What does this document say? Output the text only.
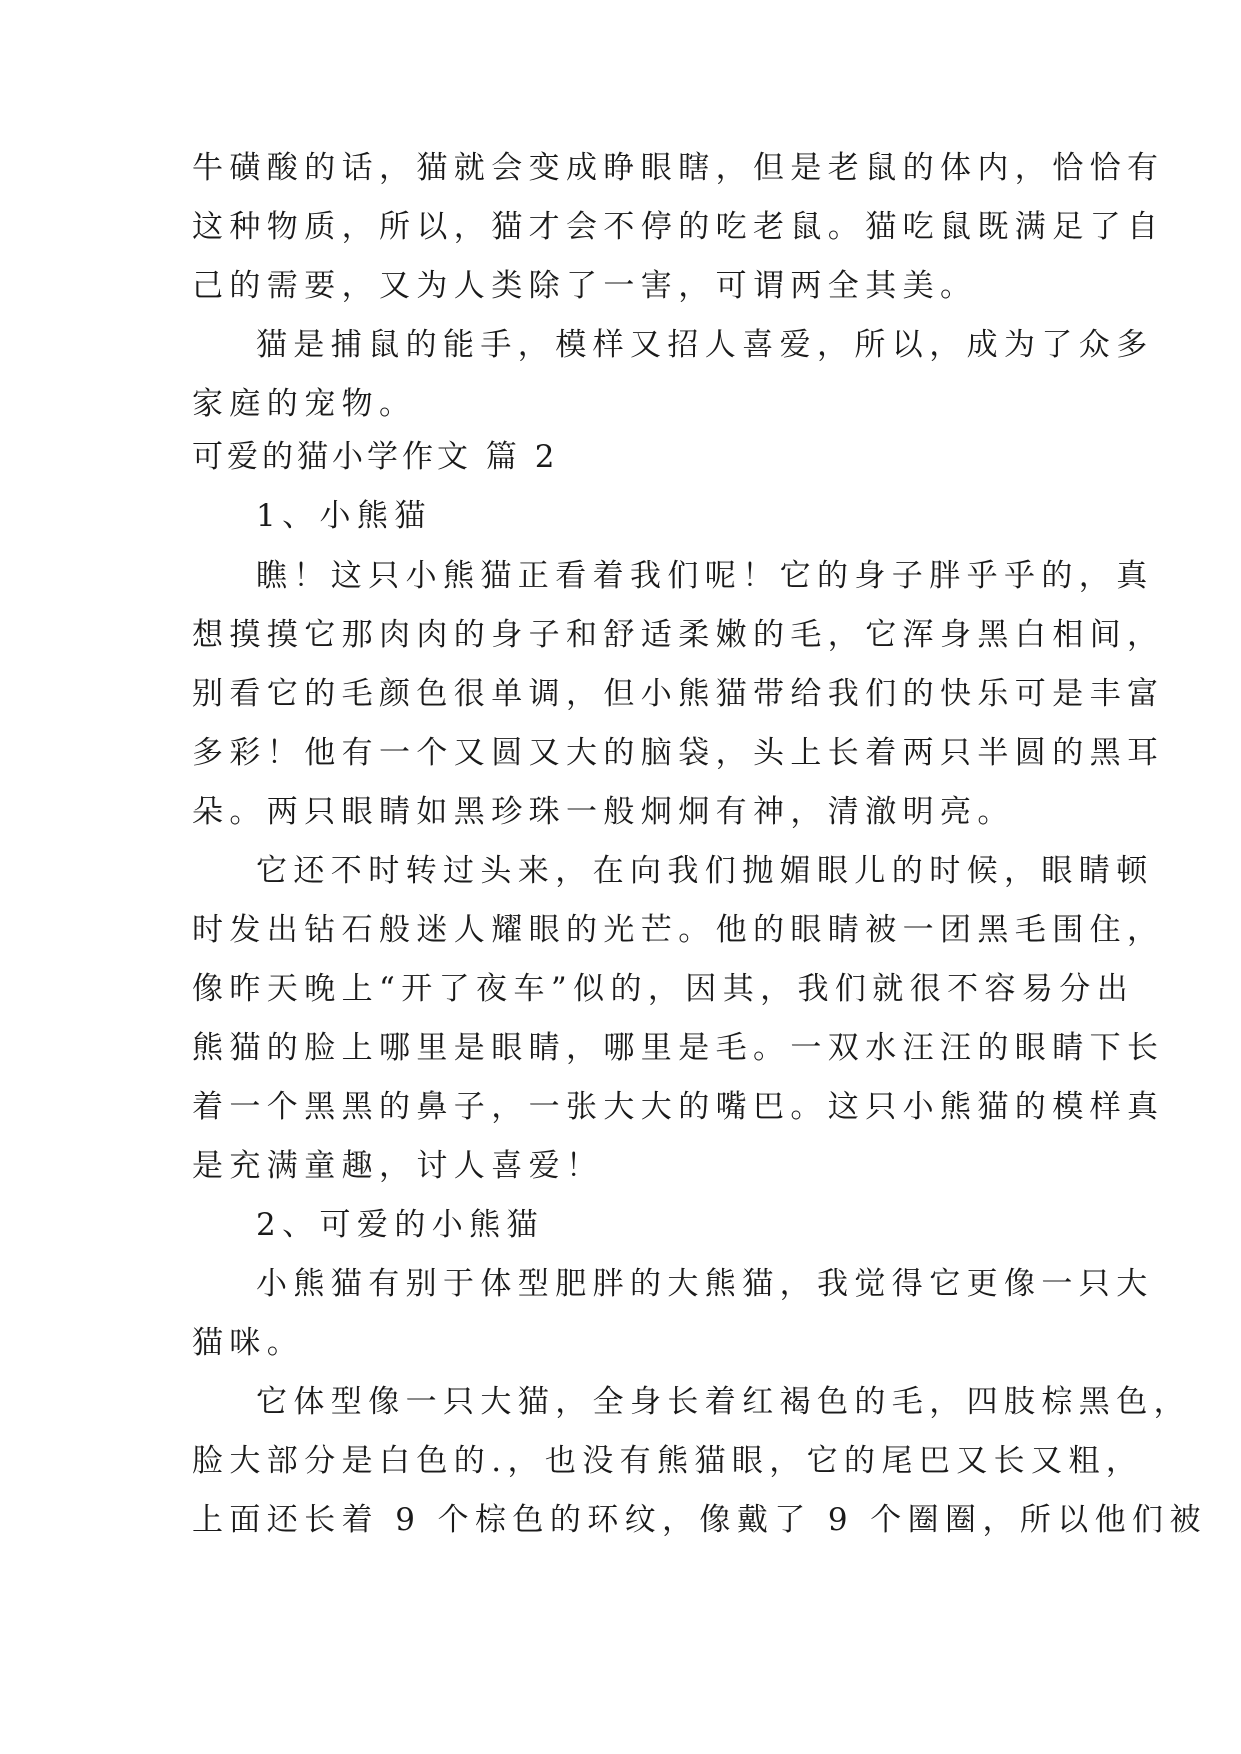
牛磺酸的话，猫就会变成睁眼瞎，但是老鼠的体内，恰恰有
这种物质，所以，猫才会不停的吃老鼠。猫吃鼠既满足了自
己的需要，又为人类除了一害，可谓两全其美。
猫是捕鼠的能手，模样又招人喜爱，所以，成为了众多
家庭的宠物。
可爱的猫小学作文 篇 2
1、小熊猫
瞧！这只小熊猫正看着我们呢！它的身子胖乎乎的，真
想摸摸它那肉肉的身子和舒适柔嫩的毛，它浑身黑白相间，
别看它的毛颜色很单调，但小熊猫带给我们的快乐可是丰富
多彩！他有一个又圆又大的脑袋，头上长着两只半圆的黑耳
朵。两只眼睛如黑珍珠一般炯炯有神，清澈明亮。
它还不时转过头来，在向我们抛媚眼儿的时候，眼睛顿
时发出钻石般迷人耀眼的光芒。他的眼睛被一团黑毛围住，
像昨天晚上“开了夜车”似的，因其，我们就很不容易分出
熊猫的脸上哪里是眼睛，哪里是毛。一双水汪汪的眼睛下长
着一个黑黑的鼻子，一张大大的嘴巴。这只小熊猫的模样真
是充满童趣，讨人喜爱！
2、可爱的小熊猫
小熊猫有别于体型肥胖的大熊猫，我觉得它更像一只大
猫咪。
它体型像一只大猫，全身长着红褐色的毛，四肢棕黑色，
脸大部分是白色的.，也没有熊猫眼，它的尾巴又长又粗，
上面还长着 9 个棕色的环纹，像戴了 9 个圈圈，所以他们被
